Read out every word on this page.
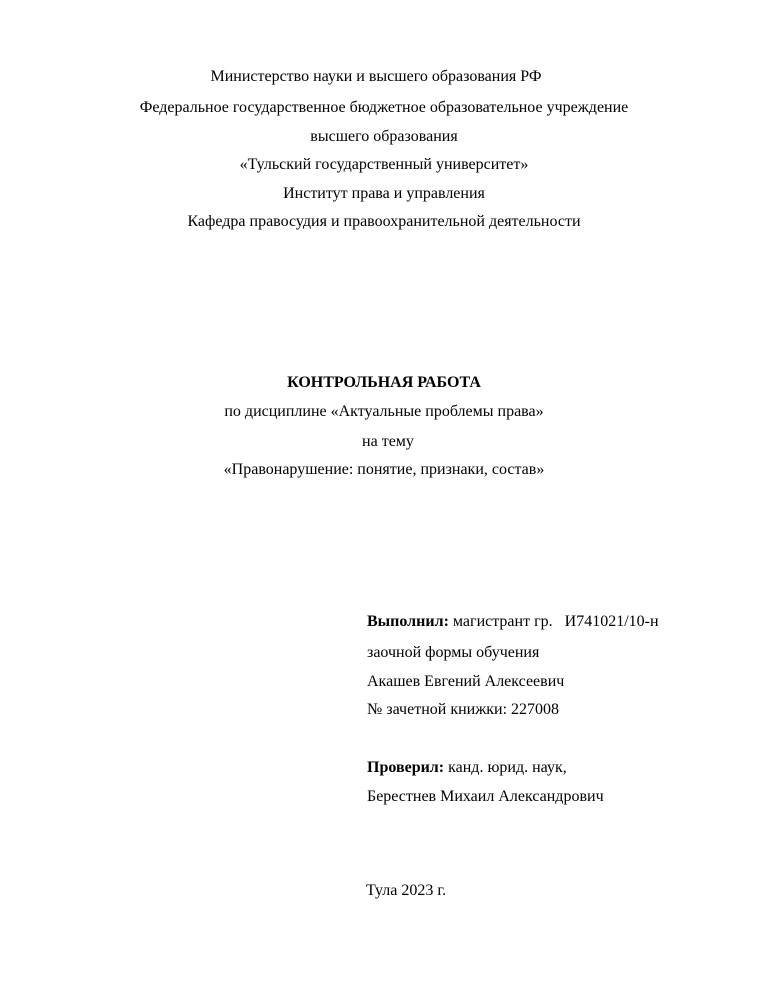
Министерство науки и высшего образования РФ
Федеральное государственное бюджетное образовательное учреждение
высшего образования
«Тульский государственный университет»
Институт права и управления
Кафедра правосудия и правоохранительной деятельности
КОНТРОЛЬНАЯ РАБОТА
по дисциплине «Актуальные проблемы права»
на тему
«Правонарушение: понятие, признаки, состав»
Выполнил: магистрант гр.   И741021/10-н
заочной формы обучения
Акашев Евгений Алексеевич
№ зачетной книжки: 227008
Проверил: канд. юрид. наук,
Берестнев Михаил Александрович
Тула 2023 г.
